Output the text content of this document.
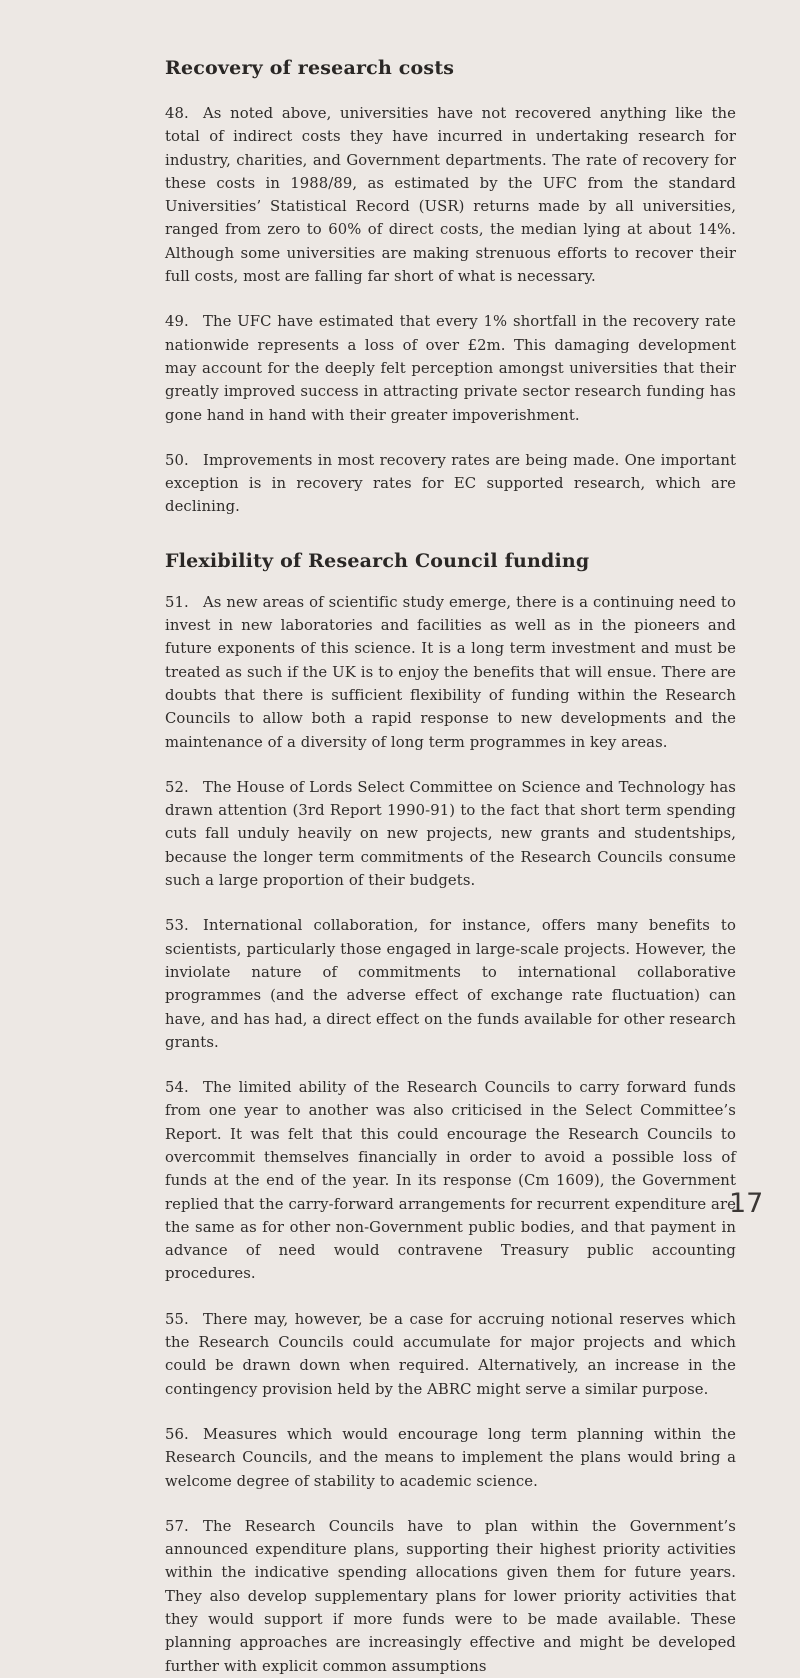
Recovery of research costs

48. As noted above, universities have not recovered anything like the total of indirect costs they have incurred in undertaking research for industry, charities, and Government departments. The rate of recovery for these costs in 1988/89, as estimated by the UFC from the standard Universities’ Statistical Record (USR) returns made by all universities, ranged from zero to 60% of direct costs, the median lying at about 14%. Although some universities are making strenuous efforts to recover their full costs, most are falling far short of what is necessary.

49. The UFC have estimated that every 1% shortfall in the recovery rate nationwide represents a loss of over £2m. This damaging development may account for the deeply felt perception amongst universities that their greatly improved success in attracting private sector research funding has gone hand in hand with their greater impoverishment.

50. Improvements in most recovery rates are being made. One important exception is in recovery rates for EC supported research, which are declining.

Flexibility of Research Council funding

51. As new areas of scientific study emerge, there is a continuing need to invest in new laboratories and facilities as well as in the pioneers and future exponents of this science. It is a long term investment and must be treated as such if the UK is to enjoy the benefits that will ensue. There are doubts that there is sufficient flexibility of funding within the Research Councils to allow both a rapid response to new developments and the maintenance of a diversity of long term programmes in key areas.

52. The House of Lords Select Committee on Science and Technology has drawn attention (3rd Report 1990-91) to the fact that short term spending cuts fall unduly heavily on new projects, new grants and studentships, because the longer term commitments of the Research Councils consume such a large proportion of their budgets.

53. International collaboration, for instance, offers many benefits to scientists, particularly those engaged in large-scale projects. However, the inviolate nature of commitments to international collaborative programmes (and the adverse effect of exchange rate fluctuation) can have, and has had, a direct effect on the funds available for other research grants.

54. The limited ability of the Research Councils to carry forward funds from one year to another was also criticised in the Select Committee’s Report. It was felt that this could encourage the Research Councils to overcommit themselves financially in order to avoid a possible loss of funds at the end of the year. In its response (Cm 1609), the Government replied that the carry-forward arrangements for recurrent expenditure are the same as for other non-Government public bodies, and that payment in advance of need would contravene Treasury public accounting procedures.

55. There may, however, be a case for accruing notional reserves which the Research Councils could accumulate for major projects and which could be drawn down when required. Alternatively, an increase in the contingency provision held by the ABRC might serve a similar purpose.

56. Measures which would encourage long term planning within the Research Councils, and the means to implement the plans would bring a welcome degree of stability to academic science.

57. The Research Councils have to plan within the Government’s announced expenditure plans, supporting their highest priority activities within the indicative spending allocations given them for future years. They also develop supplementary plans for lower priority activities that they would support if more funds were to be made available. These planning approaches are increasingly effective and might be developed further with explicit common assumptions

17
